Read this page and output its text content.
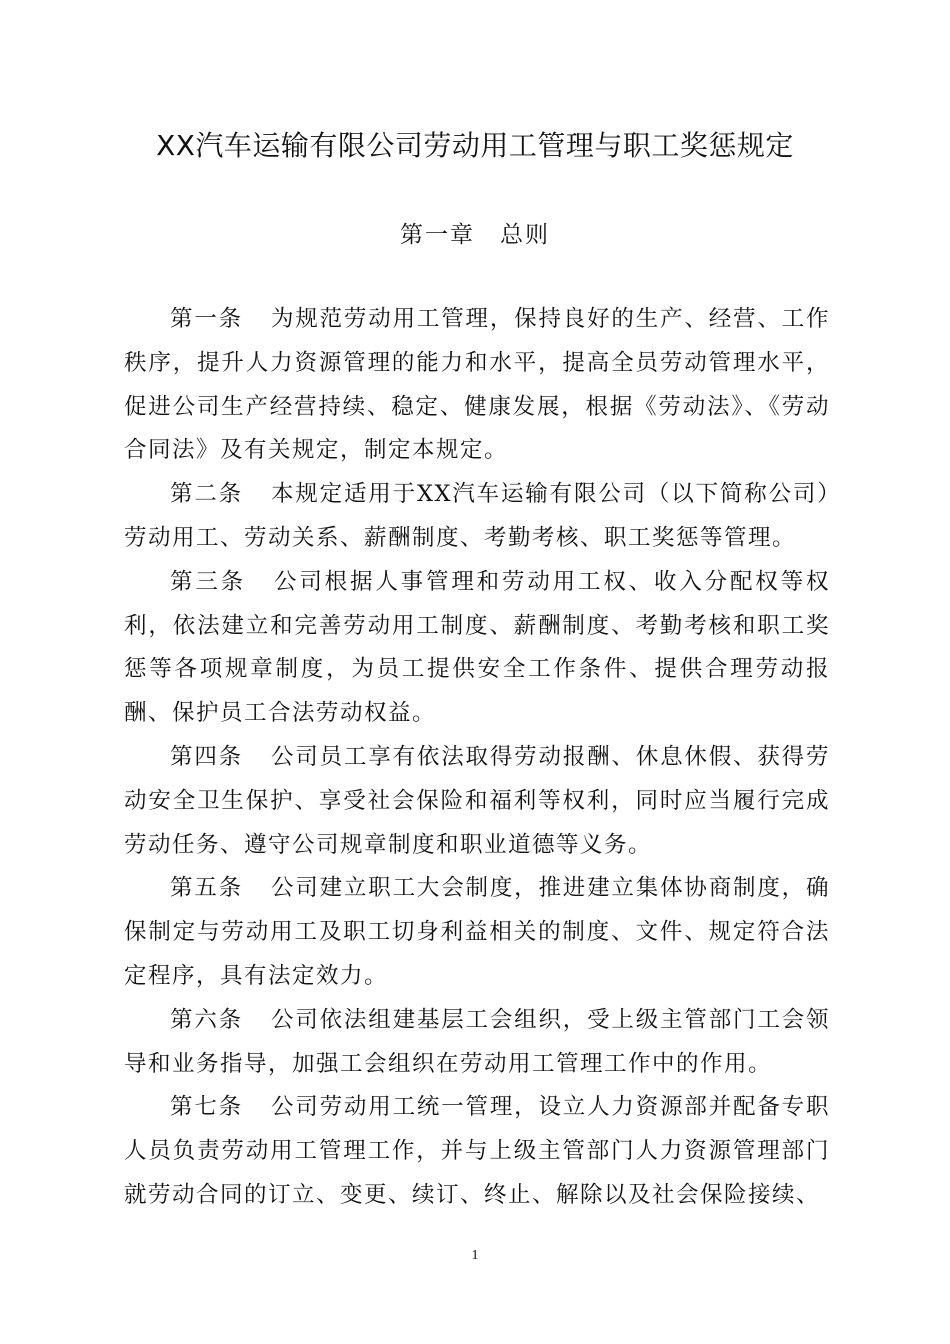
XX汽车运输有限公司劳动用工管理与职工奖惩规定
第一章　总则

第一条 为规范劳动用工管理，保持良好的生产、经营、工作秩序，提升人力资源管理的能力和水平，提高全员劳动管理水平，促进公司生产经营持续、稳定、健康发展，根据《劳动法》、《劳动合同法》及有关规定，制定本规定。

第二条 本规定适用于XX汽车运输有限公司（以下简称公司）劳动用工、劳动关系、薪酬制度、考勤考核、职工奖惩等管理。

第三条 公司根据人事管理和劳动用工权、收入分配权等权利，依法建立和完善劳动用工制度、薪酬制度、考勤考核和职工奖惩等各项规章制度，为员工提供安全工作条件、提供合理劳动报酬、保护员工合法劳动权益。

第四条 公司员工享有依法取得劳动报酬、休息休假、获得劳动安全卫生保护、享受社会保险和福利等权利，同时应当履行完成劳动任务、遵守公司规章制度和职业道德等义务。

第五条 公司建立职工大会制度，推进建立集体协商制度，确保制定与劳动用工及职工切身利益相关的制度、文件、规定符合法定程序，具有法定效力。

第六条 公司依法组建基层工会组织，受上级主管部门工会领导和业务指导，加强工会组织在劳动用工管理工作中的作用。

第七条 公司劳动用工统一管理，设立人力资源部并配备专职人员负责劳动用工管理工作，并与上级主管部门人力资源管理部门就劳动合同的订立、变更、续订、终止、解除以及社会保险接续、

1
